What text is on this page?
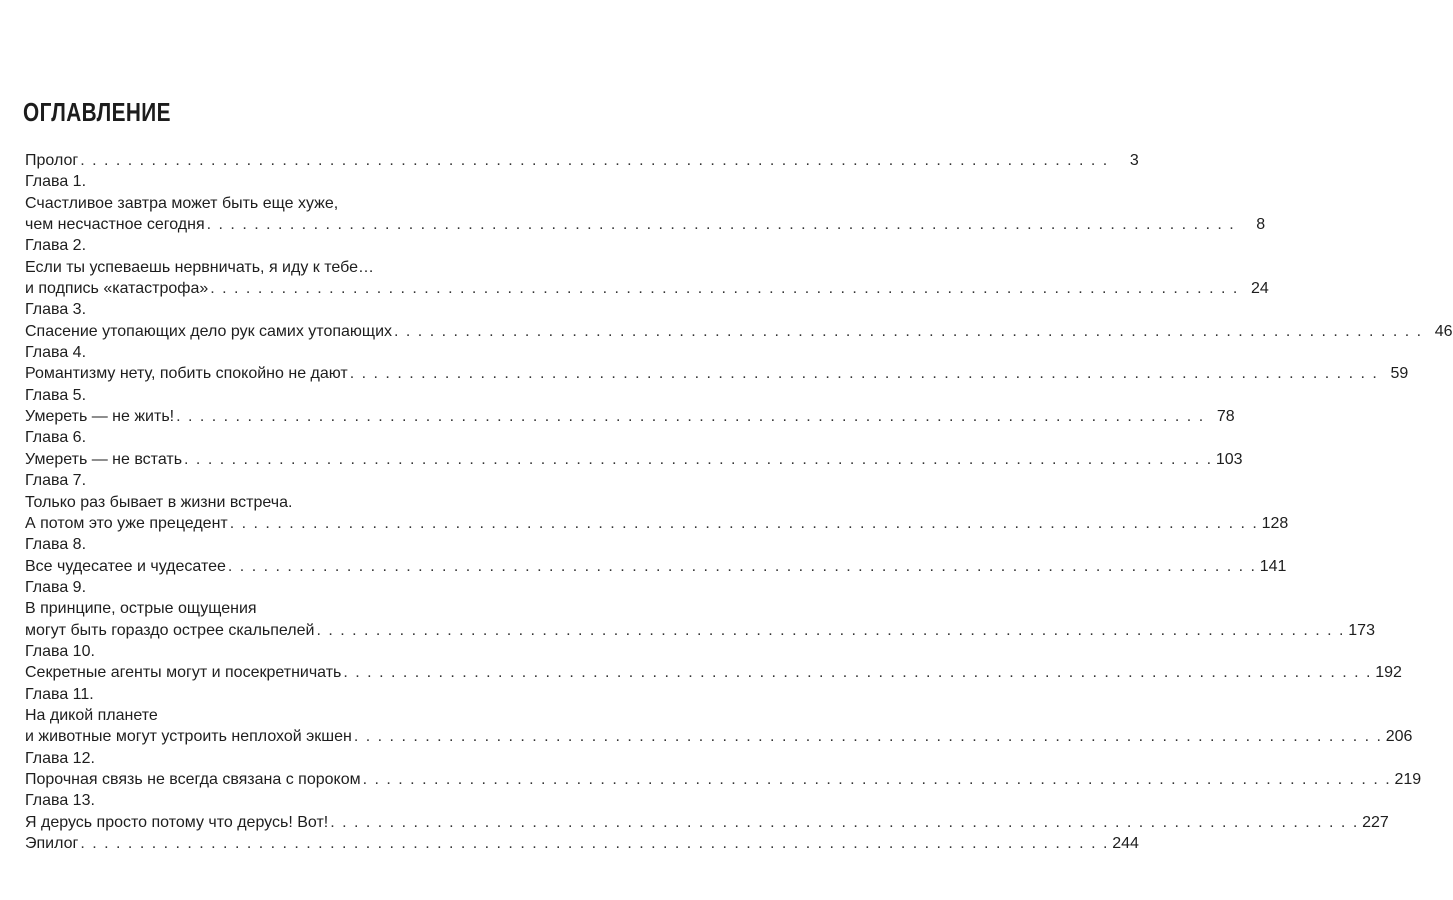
ОГЛАВЛЕНИЕ
Пролог . . . . . . . . . . . . . . . . . . . . . . . . . . . . . . . . . . . . . . . . . . . . . . . . . . . . . . . . . . . . . . . . . . . . . . . . . . . . . . . . . . . . . . .	3
Глава 1.
Счастливое завтра может быть еще хуже,
чем несчастное сегодня . . . . . . . . . . . . . . . . . . . . . . . . . . . . . . . . . . . . . . . . . . . . . . . . . . . . . . . . . . . . . . . . . . . . . . . . . . . . . . . . . . . . . . .	8
Глава 2.
Если ты успеваешь нервничать, я иду к тебе…
и подпись «катастрофа» . . . . . . . . . . . . . . . . . . . . . . . . . . . . . . . . . . . . . . . . . . . . . . . . . . . . . . . . . . . . . . . . . . . . . . . . . . . . . . . . . . . . . . . 24
Глава 3.
Спасение утопающих дело рук самих утопающих . . . . . . . . . . . . . . . . . . . . . . . . . . . . . . . . . . . . . . . . . . . . . . . . . . . . . . . . . . . . . . . . . . . . . . . . . . . . . . . . . . . . . . . 46
Глава 4.
Романтизму нету, побить спокойно не дают . . . . . . . . . . . . . . . . . . . . . . . . . . . . . . . . . . . . . . . . . . . . . . . . . . . . . . . . . . . . . . . . . . . . . . . . . . . . . . . . . . . . . . . 59
Глава 5.
Умереть — не жить! . . . . . . . . . . . . . . . . . . . . . . . . . . . . . . . . . . . . . . . . . . . . . . . . . . . . . . . . . . . . . . . . . . . . . . . . . . . . . . . . . . . . . . . 78
Глава 6.
Умереть — не встать . . . . . . . . . . . . . . . . . . . . . . . . . . . . . . . . . . . . . . . . . . . . . . . . . . . . . . . . . . . . . . . . . . . . . . . . . . . . . . . . . . . . . . . 103
Глава 7.
Только раз бывает в жизни встреча.
А потом это уже прецедент . . . . . . . . . . . . . . . . . . . . . . . . . . . . . . . . . . . . . . . . . . . . . . . . . . . . . . . . . . . . . . . . . . . . . . . . . . . . . . . . . . . . . . . 128
Глава 8.
Все чудесатее и чудесатее . . . . . . . . . . . . . . . . . . . . . . . . . . . . . . . . . . . . . . . . . . . . . . . . . . . . . . . . . . . . . . . . . . . . . . . . . . . . . . . . . . . . . . . 141
Глава 9.
В принципе, острые ощущения
могут быть гораздо острее скальпелей . . . . . . . . . . . . . . . . . . . . . . . . . . . . . . . . . . . . . . . . . . . . . . . . . . . . . . . . . . . . . . . . . . . . . . . . . . . . . . . . . . . . . . . 173
Глава 10.
Секретные агенты могут и посекретничать . . . . . . . . . . . . . . . . . . . . . . . . . . . . . . . . . . . . . . . . . . . . . . . . . . . . . . . . . . . . . . . . . . . . . . . . . . . . . . . . . . . . . . . 192
Глава 11.
На дикой планете
и животные могут устроить неплохой экшен . . . . . . . . . . . . . . . . . . . . . . . . . . . . . . . . . . . . . . . . . . . . . . . . . . . . . . . . . . . . . . . . . . . . . . . . . . . . . . . . . . . . . . . 206
Глава 12.
Порочная связь не всегда связана с пороком . . . . . . . . . . . . . . . . . . . . . . . . . . . . . . . . . . . . . . . . . . . . . . . . . . . . . . . . . . . . . . . . . . . . . . . . . . . . . . . . . . . . . . . 219
Глава 13.
Я дерусь просто потому что дерусь! Вот! . . . . . . . . . . . . . . . . . . . . . . . . . . . . . . . . . . . . . . . . . . . . . . . . . . . . . . . . . . . . . . . . . . . . . . . . . . . . . . . . . . . . . . . 227
Эпилог . . . . . . . . . . . . . . . . . . . . . . . . . . . . . . . . . . . . . . . . . . . . . . . . . . . . . . . . . . . . . . . . . . . . . . . . . . . . . . . . . . . . . . . 244
